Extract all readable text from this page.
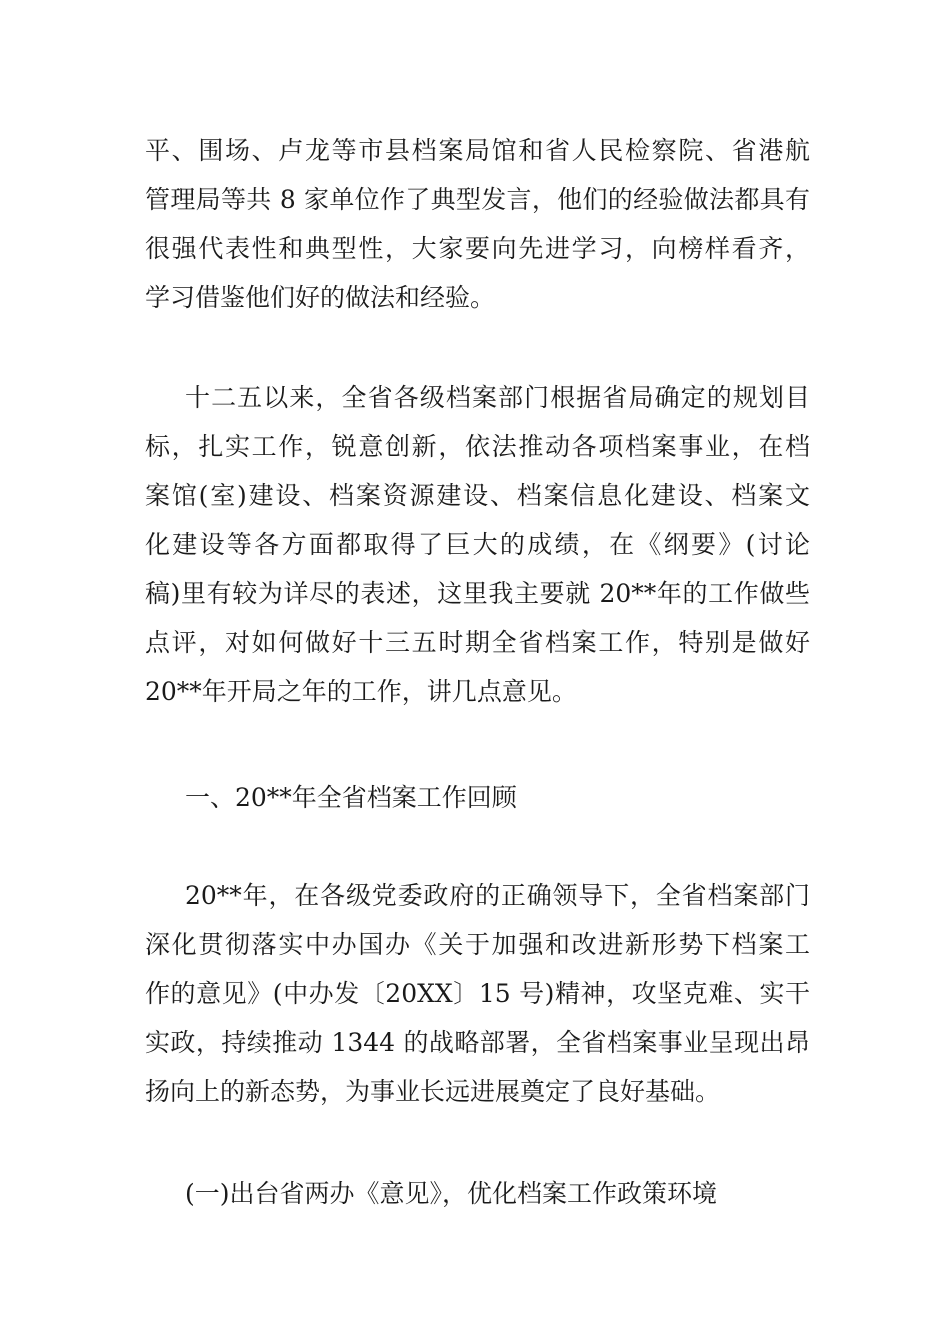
平、围场、卢龙等市县档案局馆和省人民检察院、省港航
管理局等共 8 家单位作了典型发言，他们的经验做法都具有
很强代表性和典型性，大家要向先进学习，向榜样看齐，
学习借鉴他们好的做法和经验。
十二五以来，全省各级档案部门根据省局确定的规划目
标，扎实工作，锐意创新，依法推动各项档案事业，在档
案馆(室)建设、档案资源建设、档案信息化建设、档案文
化建设等各方面都取得了巨大的成绩，在《纲要》(讨论
稿)里有较为详尽的表述，这里我主要就 20**年的工作做些
点评，对如何做好十三五时期全省档案工作，特别是做好
20**年开局之年的工作，讲几点意见。
一、20**年全省档案工作回顾
20**年，在各级党委政府的正确领导下，全省档案部门
深化贯彻落实中办国办《关于加强和改进新形势下档案工
作的意见》(中办发〔20XX〕15 号)精神，攻坚克难、实干
实政，持续推动 1344 的战略部署，全省档案事业呈现出昂
扬向上的新态势，为事业长远进展奠定了良好基础。
(一)出台省两办《意见》，优化档案工作政策环境
